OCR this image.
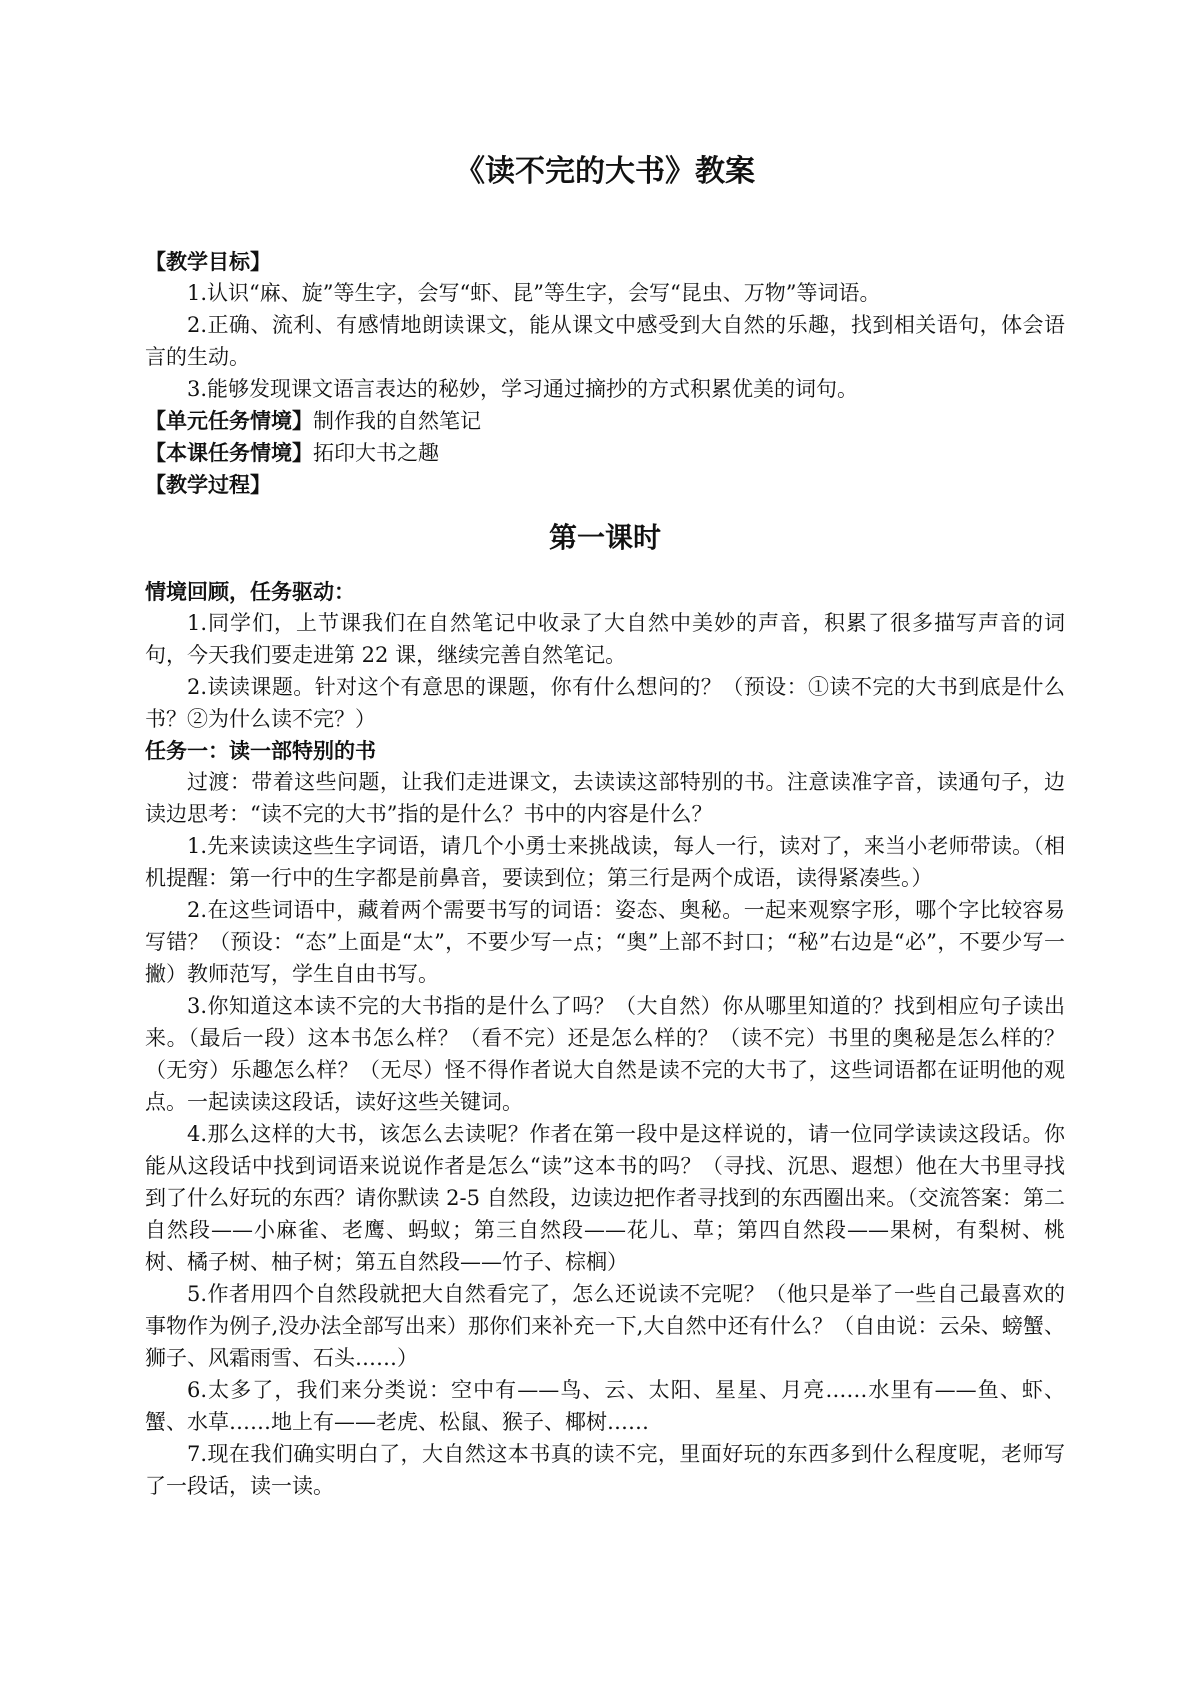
《读不完的大书》教案

【教学目标】

1.认识“麻、旋”等生字，会写“虾、昆”等生字，会写“昆虫、万物”等词语。

2.正确、流利、有感情地朗读课文，能从课文中感受到大自然的乐趣，找到相关语句，体会语言的生动。

3.能够发现课文语言表达的秘妙，学习通过摘抄的方式积累优美的词句。

【单元任务情境】制作我的自然笔记

【本课任务情境】拓印大书之趣

【教学过程】

第一课时

情境回顾，任务驱动：

1.同学们，上节课我们在自然笔记中收录了大自然中美妙的声音，积累了很多描写声音的词句，今天我们要走进第 22 课，继续完善自然笔记。

2.读读课题。针对这个有意思的课题，你有什么想问的？（预设：①读不完的大书到底是什么书？②为什么读不完？）

任务一：读一部特别的书

过渡：带着这些问题，让我们走进课文，去读读这部特别的书。注意读准字音，读通句子，边读边思考：“读不完的大书”指的是什么？书中的内容是什么？

1.先来读读这些生字词语，请几个小勇士来挑战读，每人一行，读对了，来当小老师带读。（相机提醒：第一行中的生字都是前鼻音，要读到位；第三行是两个成语，读得紧凑些。）

2.在这些词语中，藏着两个需要书写的词语：姿态、奥秘。一起来观察字形，哪个字比较容易写错？（预设：“态”上面是“太”，不要少写一点；“奥”上部不封口；“秘”右边是“必”，不要少写一撇）教师范写，学生自由书写。

3.你知道这本读不完的大书指的是什么了吗？（大自然）你从哪里知道的？找到相应句子读出来。（最后一段）这本书怎么样？（看不完）还是怎么样的？（读不完）书里的奥秘是怎么样的？（无穷）乐趣怎么样？（无尽）怪不得作者说大自然是读不完的大书了，这些词语都在证明他的观点。一起读读这段话，读好这些关键词。

4.那么这样的大书，该怎么去读呢？作者在第一段中是这样说的，请一位同学读读这段话。你能从这段话中找到词语来说说作者是怎么“读”这本书的吗？（寻找、沉思、遐想）他在大书里寻找到了什么好玩的东西？请你默读 2-5 自然段，边读边把作者寻找到的东西圈出来。（交流答案：第二自然段——小麻雀、老鹰、蚂蚁；第三自然段——花儿、草；第四自然段——果树，有梨树、桃树、橘子树、柚子树；第五自然段——竹子、棕榈）

5.作者用四个自然段就把大自然看完了，怎么还说读不完呢？（他只是举了一些自己最喜欢的事物作为例子,没办法全部写出来）那你们来补充一下,大自然中还有什么？（自由说：云朵、螃蟹、狮子、风霜雨雪、石头……）

6.太多了，我们来分类说：空中有——鸟、云、太阳、星星、月亮……水里有——鱼、虾、蟹、水草……地上有——老虎、松鼠、猴子、椰树……

7.现在我们确实明白了，大自然这本书真的读不完，里面好玩的东西多到什么程度呢，老师写了一段话，读一读。
